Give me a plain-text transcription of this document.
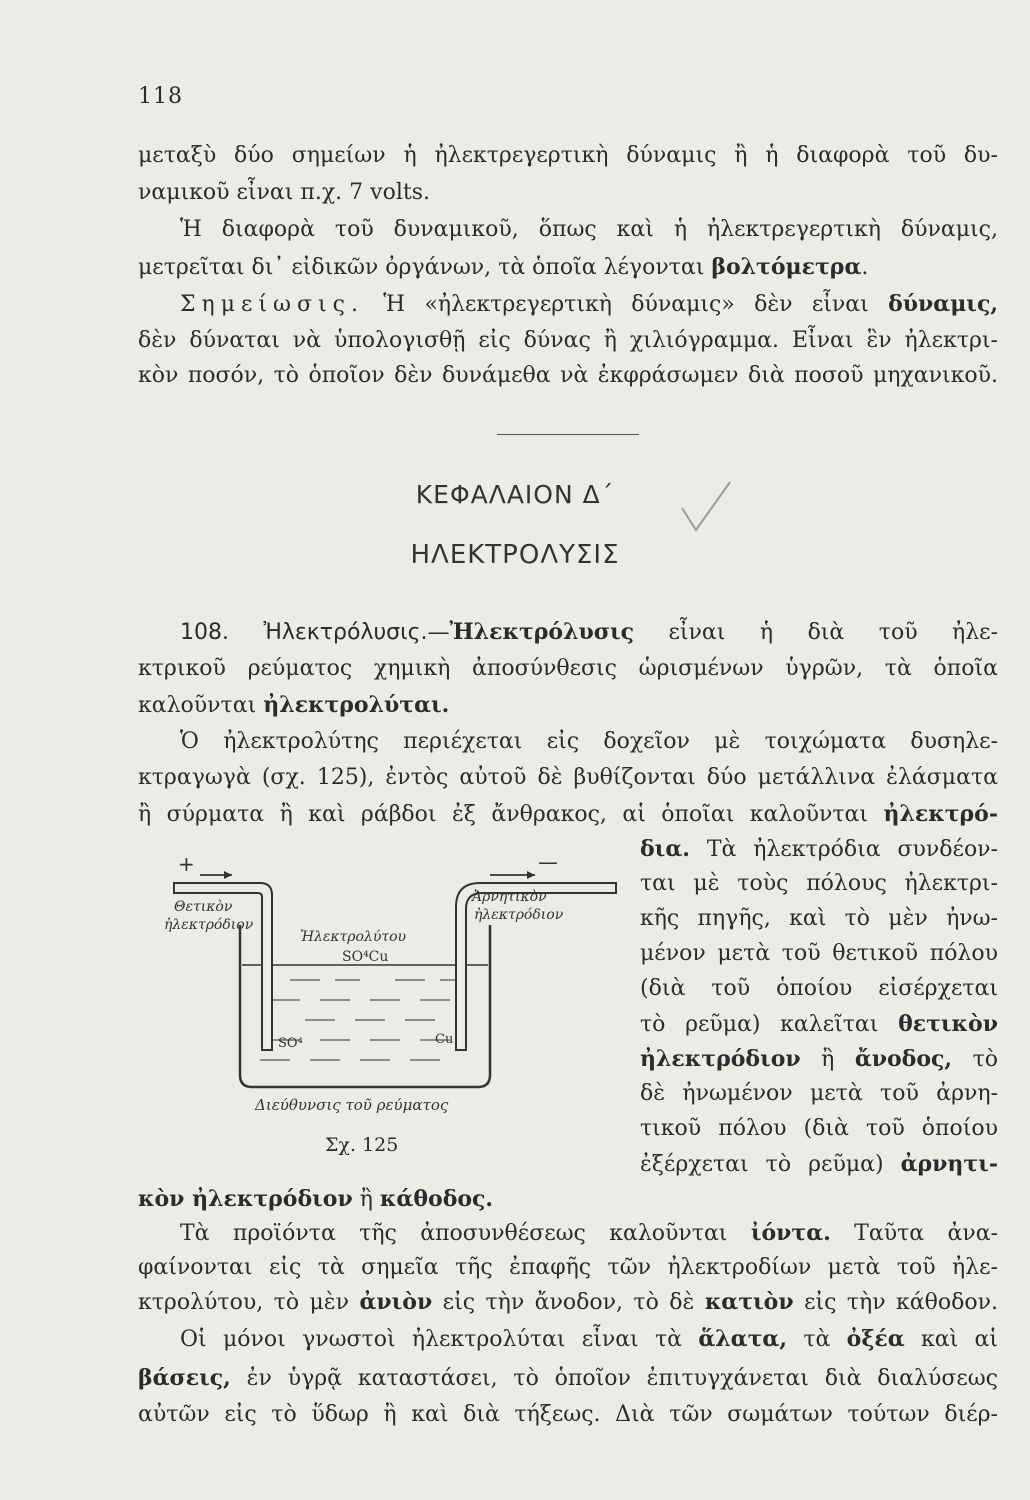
118
μεταξὺ δύο σημείων ἡ ἠλεκτρεγερτικὴ δύναμις ἢ ἡ διαφορὰ τοῦ δυ-
ναμικοῦ εἶναι π.χ. 7 volts.
Ἡ διαφορὰ τοῦ δυναμικοῦ, ὅπως καὶ ἡ ἠλεκτρεγερτικὴ δύναμις,
μετρεῖται δι᾽ εἰδικῶν ὀργάνων, τὰ ὁποῖα λέγονται βολτόμετρα.
Σημείωσις. Ἡ «ἠλεκτρεγερτικὴ δύναμις» δὲν εἶναι δύναμις,
δὲν δύναται νὰ ὑπολογισθῇ εἰς δύνας ἢ χιλιόγραμμα. Εἶναι ἓν ἠλεκτρι-
κὸν ποσόν, τὸ ὁποῖον δὲν δυνάμεθα νὰ ἐκφράσωμεν διὰ ποσοῦ μηχανικοῦ.
ΚΕΦΑΛΑΙΟΝ Δ΄
ΗΛΕΚΤΡΟΛΥΣΙΣ
108. Ἠλεκτρόλυσις.—Ἠλεκτρόλυσις εἶναι ἡ διὰ τοῦ ἠλε-
κτρικοῦ ρεύματος χημικὴ ἀποσύνθεσις ὡρισμένων ὑγρῶν, τὰ ὁποῖα
καλοῦνται ἠλεκτρολύται.
Ὁ ἠλεκτρολύτης περιέχεται εἰς δοχεῖον μὲ τοιχώματα δυσηλε-
κτραγωγὰ (σχ. 125), ἐντὸς αὐτοῦ δὲ βυθίζονται δύο μετάλλινα ἐλάσματα
ἢ σύρματα ἢ καὶ ράβδοι ἐξ ἄνθρακος, αἱ ὁποῖαι καλοῦνται ἠλεκτρό-
δια. Τὰ ἠλεκτρόδια συνδέον-
ται μὲ τοὺς πόλους ἠλεκτρι-
κῆς πηγῆς, καὶ τὸ μὲν ἠνω-
μένον μετὰ τοῦ θετικοῦ πόλου
(διὰ τοῦ ὁποίου εἰσέρχεται
τὸ ρεῦμα) καλεῖται θετικὸν
ἠλεκτρόδιον ἢ ἄνοδος, τὸ
δὲ ἠνωμένον μετὰ τοῦ ἀρνη-
τικοῦ πόλου (διὰ τοῦ ὁποίου
ἐξέρχεται τὸ ρεῦμα) ἀρνητι-
+	—
Θετικὸν
ἠλεκτρόδιον
Ἀρνητικὸν
ἠλεκτρόδιον
Ἠλεκτρολύτου
SO⁴Cu
SO⁴	Cu
Διεύθυνσις τοῦ ρεύματος
Σχ. 125
κὸν ἠλεκτρόδιον ἢ κάθοδος.
Τὰ προϊόντα τῆς ἀποσυνθέσεως καλοῦνται ἰόντα. Ταῦτα ἀνα-
φαίνονται εἰς τὰ σημεῖα τῆς ἐπαφῆς τῶν ἠλεκτροδίων μετὰ τοῦ ἠλε-
κτρολύτου, τὸ μὲν ἀνιὸν εἰς τὴν ἄνοδον, τὸ δὲ κατιὸν εἰς τὴν κάθοδον.
Οἱ μόνοι γνωστοὶ ἠλεκτρολύται εἶναι τὰ ἅλατα, τὰ ὀξέα καὶ αἱ
βάσεις, ἐν ὑγρᾷ καταστάσει, τὸ ὁποῖον ἐπιτυγχάνεται διὰ διαλύσεως
αὐτῶν εἰς τὸ ὕδωρ ἢ καὶ διὰ τήξεως. Διὰ τῶν σωμάτων τούτων διέρ-
